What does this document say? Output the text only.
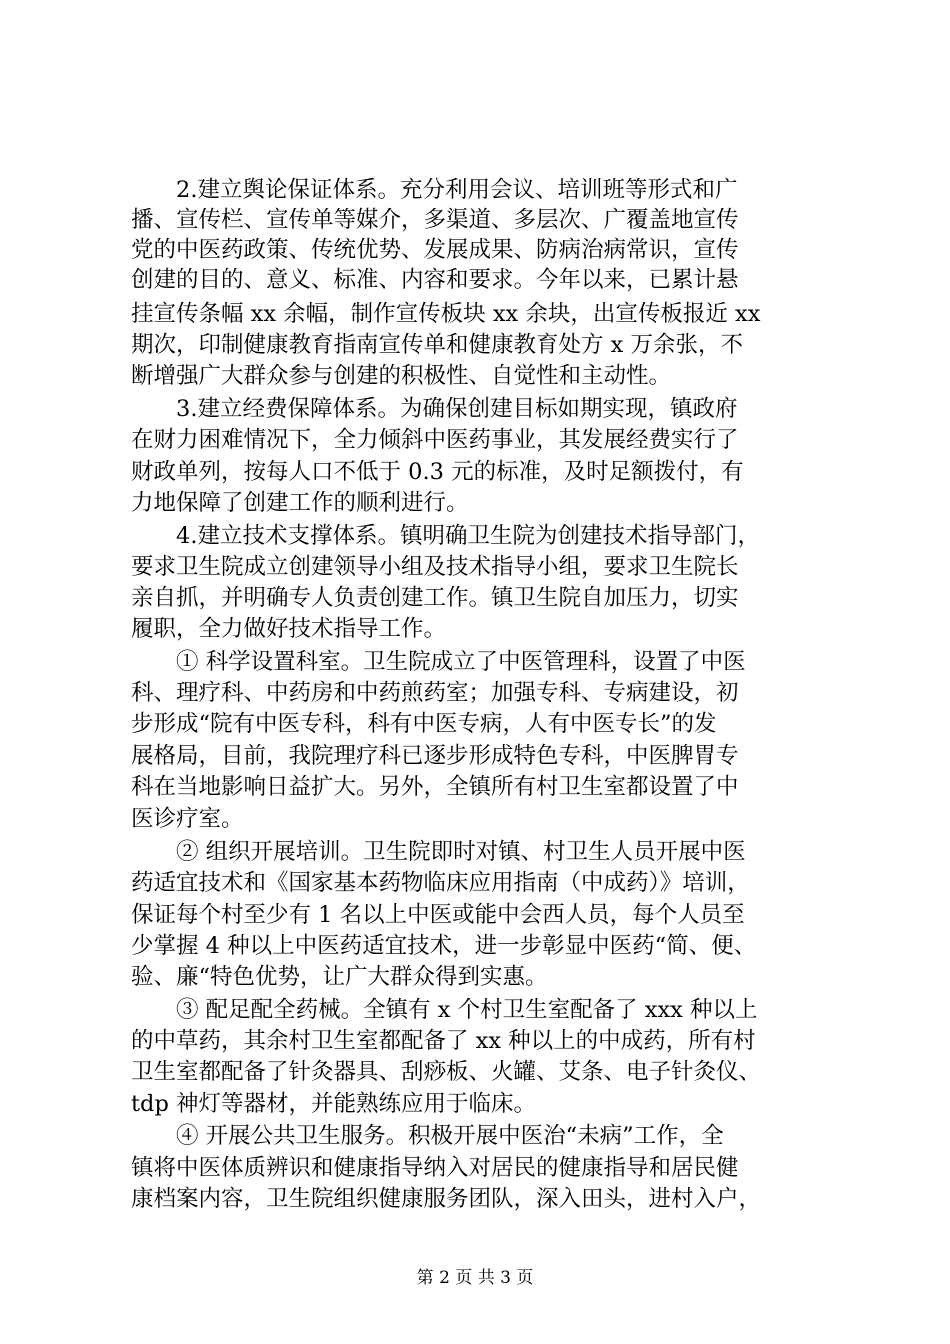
2.建立舆论保证体系。充分利用会议、培训班等形式和广
播、宣传栏、宣传单等媒介，多渠道、多层次、广覆盖地宣传
党的中医药政策、传统优势、发展成果、防病治病常识，宣传
创建的目的、意义、标准、内容和要求。今年以来，已累计悬
挂宣传条幅 xx 余幅，制作宣传板块 xx 余块，出宣传板报近 xx
期次，印制健康教育指南宣传单和健康教育处方 x 万余张，不
断增强广大群众参与创建的积极性、自觉性和主动性。
3.建立经费保障体系。为确保创建目标如期实现，镇政府
在财力困难情况下，全力倾斜中医药事业，其发展经费实行了
财政单列，按每人口不低于 0.3 元的标准，及时足额拨付，有
力地保障了创建工作的顺利进行。
4.建立技术支撑体系。镇明确卫生院为创建技术指导部门，
要求卫生院成立创建领导小组及技术指导小组，要求卫生院长
亲自抓，并明确专人负责创建工作。镇卫生院自加压力，切实
履职，全力做好技术指导工作。
① 科学设置科室。卫生院成立了中医管理科，设置了中医
科、理疗科、中药房和中药煎药室；加强专科、专病建设，初
步形成“院有中医专科，科有中医专病，人有中医专长”的发
展格局，目前，我院理疗科已逐步形成特色专科，中医脾胃专
科在当地影响日益扩大。另外，全镇所有村卫生室都设置了中
医诊疗室。
② 组织开展培训。卫生院即时对镇、村卫生人员开展中医
药适宜技术和《国家基本药物临床应用指南（中成药）》培训，
保证每个村至少有 1 名以上中医或能中会西人员，每个人员至
少掌握 4 种以上中医药适宜技术，进一步彰显中医药“简、便、
验、廉“特色优势，让广大群众得到实惠。
③ 配足配全药械。全镇有 x 个村卫生室配备了 xxx 种以上
的中草药，其余村卫生室都配备了 xx 种以上的中成药，所有村
卫生室都配备了针灸器具、刮痧板、火罐、艾条、电子针灸仪、
tdp 神灯等器材，并能熟练应用于临床。
④ 开展公共卫生服务。积极开展中医治“未病”工作，全
镇将中医体质辨识和健康指导纳入对居民的健康指导和居民健
康档案内容，卫生院组织健康服务团队，深入田头，进村入户，
第 2 页 共 3 页
